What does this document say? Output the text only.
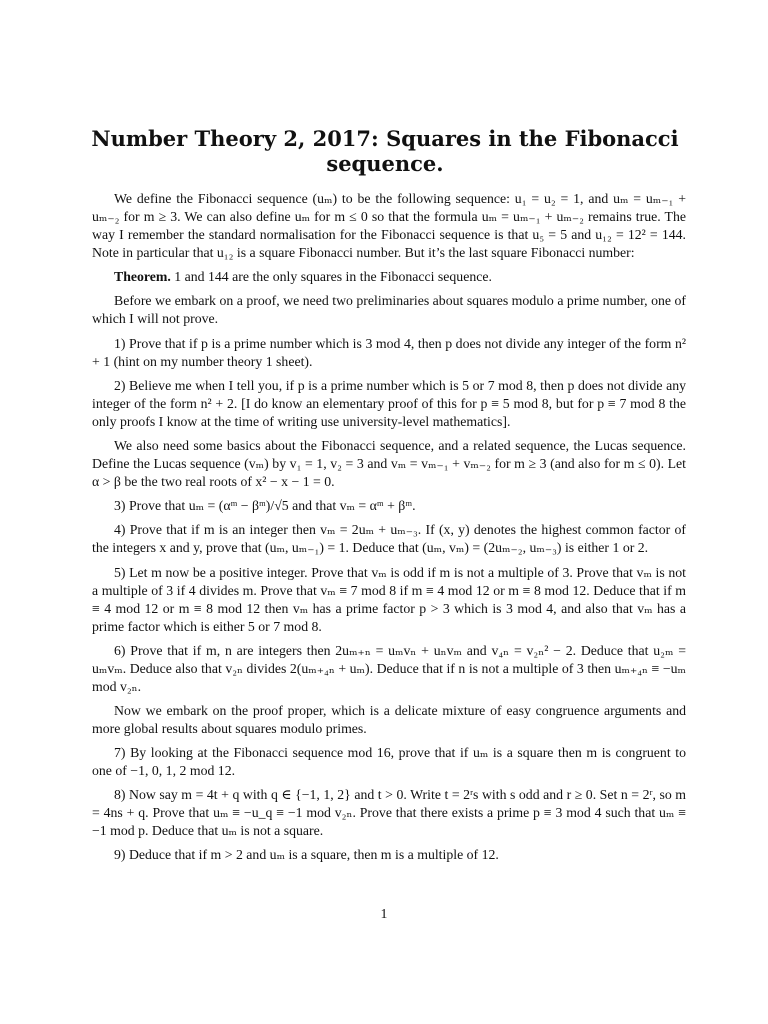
Number Theory 2, 2017: Squares in the Fibonacci sequence.

We define the Fibonacci sequence (uₘ) to be the following sequence: u₁ = u₂ = 1, and uₘ = uₘ₋₁ + uₘ₋₂ for m ≥ 3. We can also define uₘ for m ≤ 0 so that the formula uₘ = uₘ₋₁ + uₘ₋₂ remains true. The way I remember the standard normalisation for the Fibonacci sequence is that u₅ = 5 and u₁₂ = 12² = 144. Note in particular that u₁₂ is a square Fibonacci number. But it’s the last square Fibonacci number:

Theorem. 1 and 144 are the only squares in the Fibonacci sequence.

Before we embark on a proof, we need two preliminaries about squares modulo a prime number, one of which I will not prove.

1) Prove that if p is a prime number which is 3 mod 4, then p does not divide any integer of the form n² + 1 (hint on my number theory 1 sheet).

2) Believe me when I tell you, if p is a prime number which is 5 or 7 mod 8, then p does not divide any integer of the form n² + 2. [I do know an elementary proof of this for p ≡ 5 mod 8, but for p ≡ 7 mod 8 the only proofs I know at the time of writing use university-level mathematics].

We also need some basics about the Fibonacci sequence, and a related sequence, the Lucas sequence. Define the Lucas sequence (vₘ) by v₁ = 1, v₂ = 3 and vₘ = vₘ₋₁ + vₘ₋₂ for m ≥ 3 (and also for m ≤ 0). Let α > β be the two real roots of x² − x − 1 = 0.

3) Prove that uₘ = (αᵐ − βᵐ)/√5 and that vₘ = αᵐ + βᵐ.

4) Prove that if m is an integer then vₘ = 2uₘ + uₘ₋₃. If (x, y) denotes the highest common factor of the integers x and y, prove that (uₘ, uₘ₋₁) = 1. Deduce that (uₘ, vₘ) = (2uₘ₋₂, uₘ₋₃) is either 1 or 2.

5) Let m now be a positive integer. Prove that vₘ is odd if m is not a multiple of 3. Prove that vₘ is not a multiple of 3 if 4 divides m. Prove that vₘ ≡ 7 mod 8 if m ≡ 4 mod 12 or m ≡ 8 mod 12. Deduce that if m ≡ 4 mod 12 or m ≡ 8 mod 12 then vₘ has a prime factor p > 3 which is 3 mod 4, and also that vₘ has a prime factor which is either 5 or 7 mod 8.

6) Prove that if m, n are integers then 2uₘ₊ₙ = uₘvₙ + uₙvₘ and v₄ₙ = v₂ₙ² − 2. Deduce that u₂ₘ = uₘvₘ. Deduce also that v₂ₙ divides 2(uₘ₊₄ₙ + uₘ). Deduce that if n is not a multiple of 3 then uₘ₊₄ₙ ≡ −uₘ mod v₂ₙ.

Now we embark on the proof proper, which is a delicate mixture of easy congruence arguments and more global results about squares modulo primes.

7) By looking at the Fibonacci sequence mod 16, prove that if uₘ is a square then m is congruent to one of −1, 0, 1, 2 mod 12.

8) Now say m = 4t + q with q ∈ {−1, 1, 2} and t > 0. Write t = 2ʳs with s odd and r ≥ 0. Set n = 2ʳ, so m = 4ns + q. Prove that uₘ ≡ −u_q ≡ −1 mod v₂ₙ. Prove that there exists a prime p ≡ 3 mod 4 such that uₘ ≡ −1 mod p. Deduce that uₘ is not a square.

9) Deduce that if m > 2 and uₘ is a square, then m is a multiple of 12.

1
